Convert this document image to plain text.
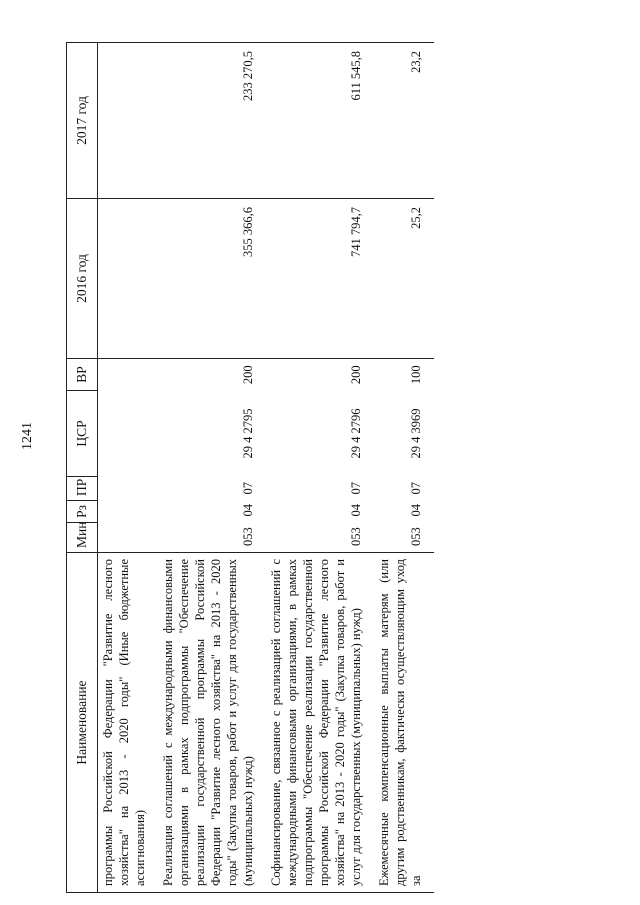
1241
Наименование	Мин	Рз	ПР	ЦСР	ВР	2016 год	2017 год
программы Российской Федерации "Развитие лесного хозяйства" на 2013 - 2020 годы" (Иные бюджетные ассигнования)							
Реализация соглашений с международными финансовыми организациями в рамках подпрограммы "Обеспечение реализации государственной программы Российской Федерации "Развитие лесного хозяйства" на 2013 - 2020 годы" (Закупка товаров, работ и услуг для государственных (муниципальных) нужд)	053	04	07	29 4 2795	200	355 366,6	233 270,5
Софинансирование, связанное с реализацией соглашений с международными финансовыми организациями, в рамках подпрограммы "Обеспечение реализации государственной программы Российской Федерации "Развитие лесного хозяйства" на 2013 - 2020 годы" (Закупка товаров, работ и услуг для государственных (муниципальных) нужд)	053	04	07	29 4 2796	200	741 794,7	611 545,8
Ежемесячные компенсационные выплаты матерям (или другим родственникам, фактически осуществляющим уход за	053	04	07	29 4 3969	100	25,2	23,2
